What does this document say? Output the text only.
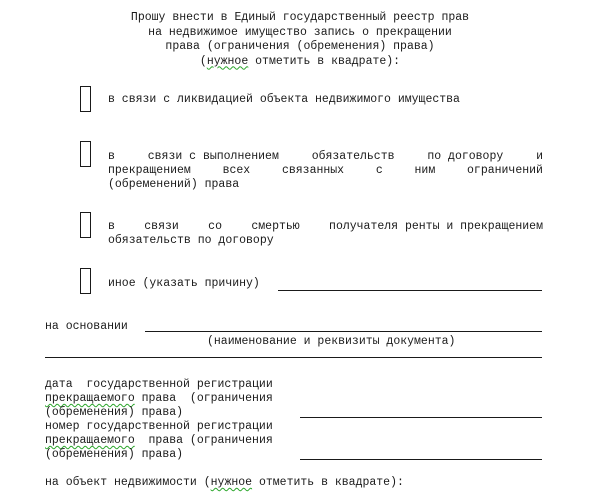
Прошу внести в Единый государственный реестр прав
на недвижимое имущество запись о прекращении
права (ограничения (обременения) права)
(нужное отметить в квадрате):
в связи с ликвидацией объекта недвижимого имущества
в	связи с выполнением	обязательств	по договору	и
прекращением	всех	связанных	с	ним	ограничений
(обременений) права
в	связи	со	смертью	получателя ренты и прекращением
обязательств по договору
иное (указать причину)
на основании
(наименование и реквизиты документа)
дата  государственной регистрации
прекращаемого права  (ограничения
(обременения) права)
номер государственной регистрации
прекращаемого  права (ограничения
(обременения) права)
на объект недвижимости (нужное отметить в квадрате):
